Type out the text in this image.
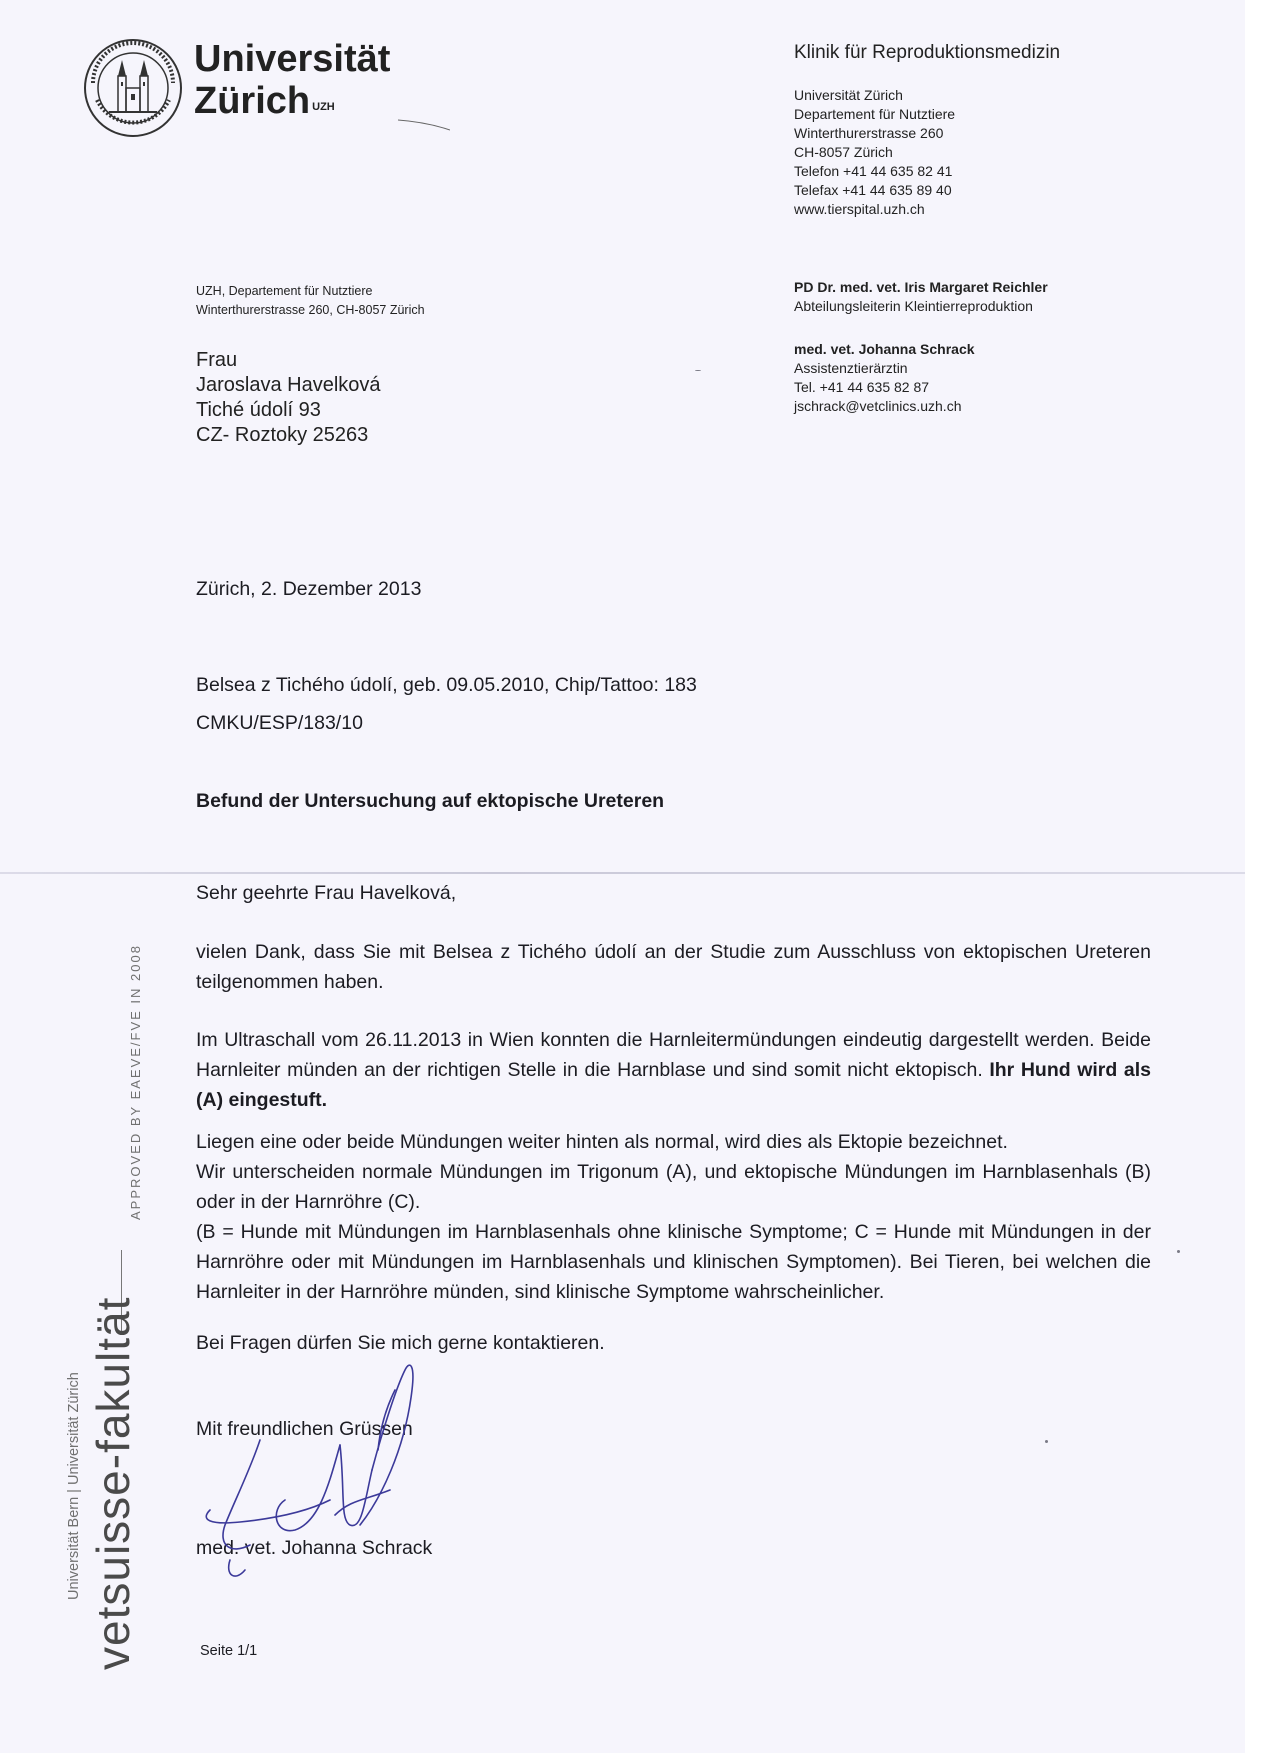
Universität
Zürich $^{UZH}$
Klinik für Reproduktionsmedizin
Universität Zürich
Departement für Nutztiere
Winterthurerstrasse 260
CH-8057 Zürich
Telefon +41 44 635 82 41
Telefax +41 44 635 89 40
www.tierspital.uzh.ch
UZH, Departement für Nutztiere
Winterthurerstrasse 260, CH-8057 Zürich
Frau
Jaroslava Havelková
Tiché údolí 93
CZ- Roztoky 25263
PD Dr. med. vet. Iris Margaret Reichler
Abteilungsleiterin Kleintierreproduktion
med. vet. Johanna Schrack
Assistenztierärztin
Tel. +41 44 635 82 87
jschrack@vetclinics.uzh.ch
Zürich, 2. Dezember 2013
Belsea z Tichého údolí, geb. 09.05.2010, Chip/Tattoo: 183
CMKU/ESP/183/10
Befund der Untersuchung auf ektopische Ureteren
Sehr geehrte Frau Havelková,
vielen Dank, dass Sie mit Belsea z Tichého údolí an der Studie zum Ausschluss von ektopischen Ureteren teilgenommen haben.
Im Ultraschall vom 26.11.2013 in Wien konnten die Harnleitermündungen eindeutig dargestellt werden. Beide Harnleiter münden an der richtigen Stelle in die Harnblase und sind somit nicht ektopisch. Ihr Hund wird als (A) eingestuft.
Liegen eine oder beide Mündungen weiter hinten als normal, wird dies als Ektopie bezeichnet.
Wir unterscheiden normale Mündungen im Trigonum (A), und ektopische Mündungen im Harnblasenhals (B) oder in der Harnröhre (C).
(B = Hunde mit Mündungen im Harnblasenhals ohne klinische Symptome; C = Hunde mit Mündungen in der Harnröhre oder mit Mündungen im Harnblasenhals und klinischen Symptomen). Bei Tieren, bei welchen die Harnleiter in der Harnröhre münden, sind klinische Symptome wahrscheinlicher.
Bei Fragen dürfen Sie mich gerne kontaktieren.
Mit freundlichen Grüssen
med. vet. Johanna Schrack
Seite 1/1
APPROVED BY EAEVE/FVE IN 2008
Universität Bern | Universität Zürich vetsuisse-fakultät
